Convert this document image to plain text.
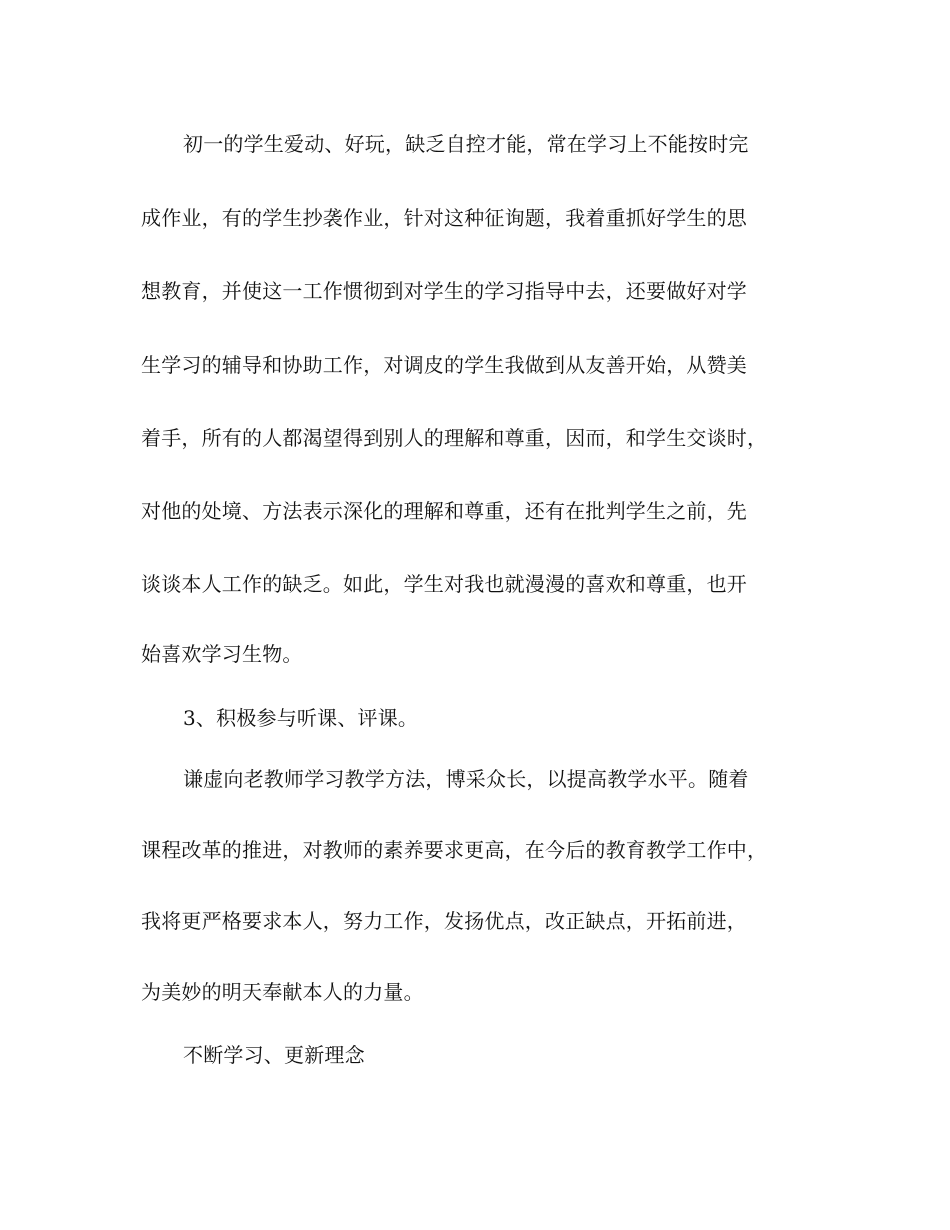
初一的学生爱动、好玩，缺乏自控才能，常在学习上不能按时完
成作业，有的学生抄袭作业，针对这种征询题，我着重抓好学生的思
想教育，并使这一工作惯彻到对学生的学习指导中去，还要做好对学
生学习的辅导和协助工作，对调皮的学生我做到从友善开始，从赞美
着手，所有的人都渴望得到别人的理解和尊重，因而，和学生交谈时，
对他的处境、方法表示深化的理解和尊重，还有在批判学生之前，先
谈谈本人工作的缺乏。如此，学生对我也就漫漫的喜欢和尊重，也开
始喜欢学习生物。
3、积极参与听课、评课。
谦虚向老教师学习教学方法，博采众长，以提高教学水平。随着
课程改革的推进，对教师的素养要求更高，在今后的教育教学工作中，
我将更严格要求本人，努力工作，发扬优点，改正缺点，开拓前进，
为美妙的明天奉献本人的力量。
不断学习、更新理念
